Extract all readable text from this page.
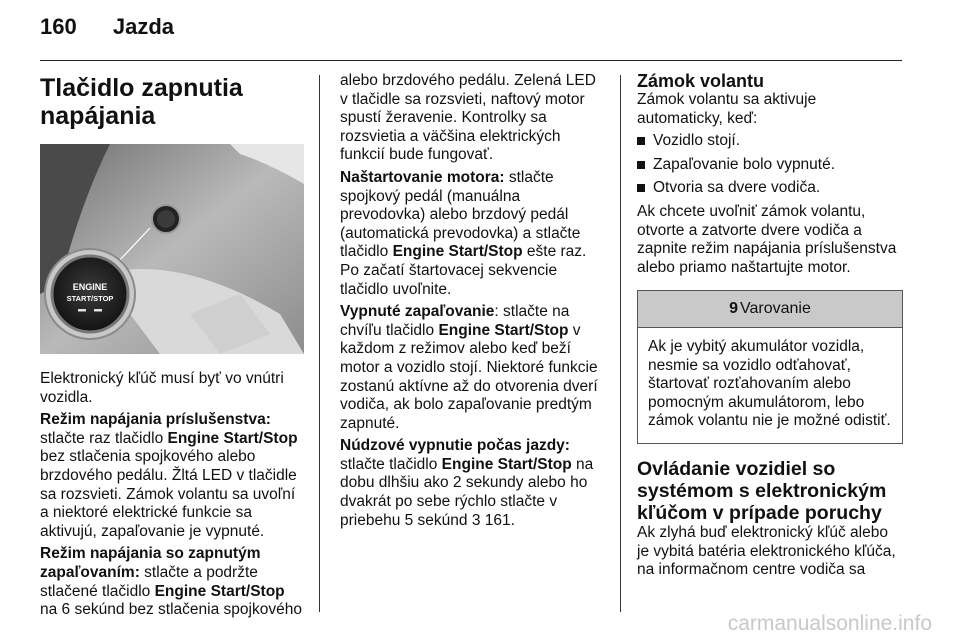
160 Jazda
Tlačidlo zapnutia napájania
ENGINE
START/STOP

Elektronický kľúč musí byť vo vnútri vozidla.

Režim napájania príslušenstva: stlačte raz tlačidlo Engine Start/Stop bez stlačenia spojkového alebo brzdového pedálu. Žltá LED v tlačidle sa rozsvieti. Zámok volantu sa uvoľní a niektoré elektrické funkcie sa aktivujú, zapaľovanie je vypnuté.

Režim napájania so zapnutým zapaľovaním: stlačte a podržte stlačené tlačidlo Engine Start/Stop na 6 sekúnd bez stlačenia spojkového

alebo brzdového pedálu. Zelená LED v tlačidle sa rozsvieti, naftový motor spustí žeravenie. Kontrolky sa rozsvietia a väčšina elektrických funkcií bude fungovať.

Naštartovanie motora: stlačte spojkový pedál (manuálna prevodovka) alebo brzdový pedál (automatická prevodovka) a stlačte tlačidlo Engine Start/Stop ešte raz. Po začatí štartovacej sekvencie tlačidlo uvoľnite.

Vypnuté zapaľovanie: stlačte na chvíľu tlačidlo Engine Start/Stop v každom z režimov alebo keď beží motor a vozidlo stojí. Niektoré funkcie zostanú aktívne až do otvorenia dverí vodiča, ak bolo zapaľovanie predtým zapnuté.

Núdzové vypnutie počas jazdy: stlačte tlačidlo Engine Start/Stop na dobu dlhšiu ako 2 sekundy alebo ho dvakrát po sebe rýchlo stlačte v priebehu 5 sekúnd 3 161.

Zámok volantu

Zámok volantu sa aktivuje automaticky, keď:

Vozidlo stojí.
Zapaľovanie bolo vypnuté.
Otvoria sa dvere vodiča.

Ak chcete uvoľniť zámok volantu, otvorte a zatvorte dvere vodiča a zapnite režim napájania príslušenstva alebo priamo naštartujte motor.

9 Varovanie
Ak je vybitý akumulátor vozidla, nesmie sa vozidlo odťahovať, štartovať rozťahovaním alebo pomocným akumulátorom, lebo zámok volantu nie je možné odistiť.
Ovládanie vozidiel so systémom s elektronickým kľúčom v prípade poruchy

Ak zlyhá buď elektronický kľúč alebo je vybitá batéria elektronického kľúča, na informačnom centre vodiča sa

carmanualsonline.info
